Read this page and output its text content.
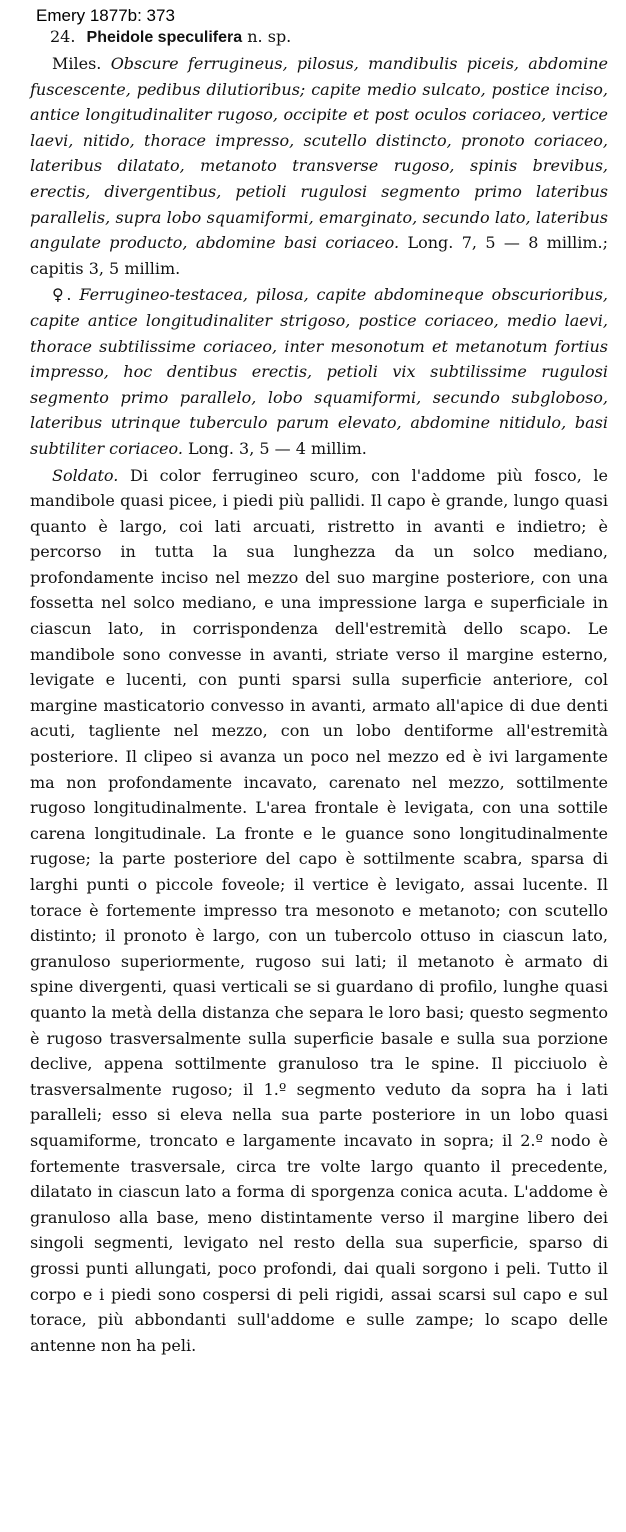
Emery 1877b: 373
24. Pheidole speculifera n. sp.

Miles. Obscure ferrugineus, pilosus, mandibulis piceis, abdomine fuscescente, pedibus dilutioribus; capite medio sulcato, postice inciso, antice longitudinaliter rugoso, occipite et post oculos coriaceo, vertice laevi, nitido, thorace impresso, scutello distincto, pronoto coriaceo, lateribus dilatato, metanoto transverse rugoso, spinis brevibus, erectis, divergentibus, petioli rugulosi segmento primo lateribus parallelis, supra lobo squamiformi, emarginato, secundo lato, lateribus angulate producto, abdomine basi coriaceo. Long. 7, 5 — 8 millim.; capitis 3, 5 millim.

♀. Ferrugineo-testacea, pilosa, capite abdomineque obscurioribus, capite antice longitudinaliter strigoso, postice coriaceo, medio laevi, thorace subtilissime coriaceo, inter mesonotum et metanotum fortius impresso, hoc dentibus erectis, petioli vix subtilissime rugulosi segmento primo parallelo, lobo squamiformi, secundo subgloboso, lateribus utrinque tuberculo parum elevato, abdomine nitidulo, basi subtiliter coriaceo. Long. 3, 5 — 4 millim.

Soldato. Di color ferrugineo scuro, con l'addome più fosco, le mandibole quasi picee, i piedi più pallidi. Il capo è grande, lungo quasi quanto è largo, coi lati arcuati, ristretto in avanti e indietro; è percorso in tutta la sua lunghezza da un solco mediano, profondamente inciso nel mezzo del suo margine posteriore, con una fossetta nel solco mediano, e una impressione larga e superficiale in ciascun lato, in corrispondenza dell'estremità dello scapo. Le mandibole sono convesse in avanti, striate verso il margine esterno, levigate e lucenti, con punti sparsi sulla superficie anteriore, col margine masticatorio convesso in avanti, armato all'apice di due denti acuti, tagliente nel mezzo, con un lobo dentiforme all'estremità posteriore. Il clipeo si avanza un poco nel mezzo ed è ivi largamente ma non profondamente incavato, carenato nel mezzo, sottilmente rugoso longitudinalmente. L'area frontale è levigata, con una sottile carena longitudinale. La fronte e le guance sono longitudinalmente rugose; la parte posteriore del capo è sottilmente scabra, sparsa di larghi punti o piccole foveole; il vertice è levigato, assai lucente. Il torace è fortemente impresso tra mesonoto e metanoto; con scutello distinto; il pronoto è largo, con un tubercolo ottuso in ciascun lato, granuloso superiormente, rugoso sui lati; il metanoto è armato di spine divergenti, quasi verticali se si guardano di profilo, lunghe quasi quanto la metà della distanza che separa le loro basi; questo segmento è rugoso trasversalmente sulla superficie basale e sulla sua porzione declive, appena sottilmente granuloso tra le spine. Il picciuolo è trasversalmente rugoso; il 1.º segmento veduto da sopra ha i lati paralleli; esso si eleva nella sua parte posteriore in un lobo quasi squamiforme, troncato e largamente incavato in sopra; il 2.º nodo è fortemente trasversale, circa tre volte largo quanto il precedente, dilatato in ciascun lato a forma di sporgenza conica acuta. L'addome è granuloso alla base, meno distintamente verso il margine libero dei singoli segmenti, levigato nel resto della sua superficie, sparso di grossi punti allungati, poco profondi, dai quali sorgono i peli. Tutto il corpo e i piedi sono cospersi di peli rigidi, assai scarsi sul capo e sul torace, più abbondanti sull'addome e sulle zampe; lo scapo delle antenne non ha peli.
